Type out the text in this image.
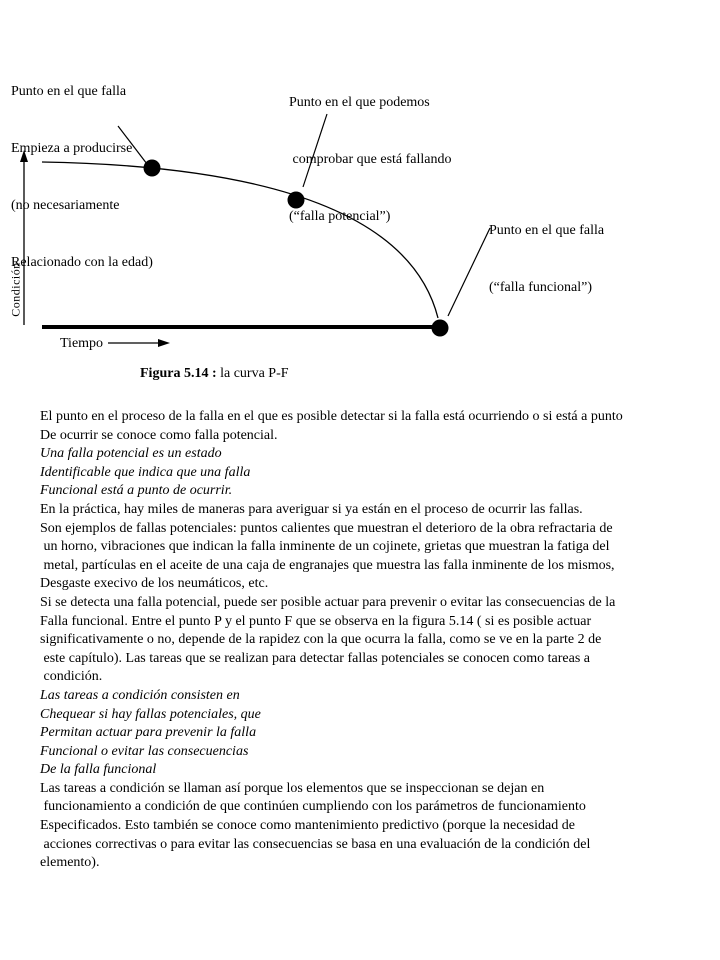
Punto en el que falla

Empieza a producirse

(no necesariamente

Relacionado con la edad)

Punto en el que podemos

comprobar que está fallando

(“falla potencial”)

Punto en el que falla

(“falla funcional”)

Condición
Tiempo
Figura 5.14 : la curva P-F
El punto en el proceso de la falla en el que es posible detectar si la falla está ocurriendo o si está a punto
De ocurrir se conoce como falla potencial.
Una falla potencial es un estado
Identificable que indica que una falla
Funcional está a punto de ocurrir.
En la práctica, hay miles de maneras para averiguar si ya están en el proceso de ocurrir las fallas.
Son ejemplos de fallas potenciales: puntos calientes que muestran el deterioro de la obra refractaria de
un horno, vibraciones que indican la falla inminente de un cojinete, grietas que muestran la fatiga del
metal, partículas en el aceite de una caja de engranajes que muestra las falla inminente de los mismos,
Desgaste execivo de los neumáticos, etc.
Si se detecta una falla potencial, puede ser posible actuar para prevenir o evitar las consecuencias de la
Falla funcional. Entre el punto P y el punto F que se observa en la figura 5.14 ( si es posible actuar
significativamente o no, depende de la rapidez con la que ocurra la falla, como se ve en la parte 2 de
este capítulo). Las tareas que se realizan para detectar fallas potenciales se conocen como tareas a
condición.
Las tareas a condición consisten en
Chequear si hay fallas potenciales, que
Permitan actuar para prevenir la falla
Funcional o evitar las consecuencias
De la falla funcional
Las tareas a condición se llaman así porque los elementos que se inspeccionan se dejan en
funcionamiento a condición de que continúen cumpliendo con los parámetros de funcionamiento
Especificados. Esto también se conoce como mantenimiento predictivo (porque la necesidad de
acciones correctivas o para evitar las consecuencias se basa en una evaluación de la condición del
elemento).
